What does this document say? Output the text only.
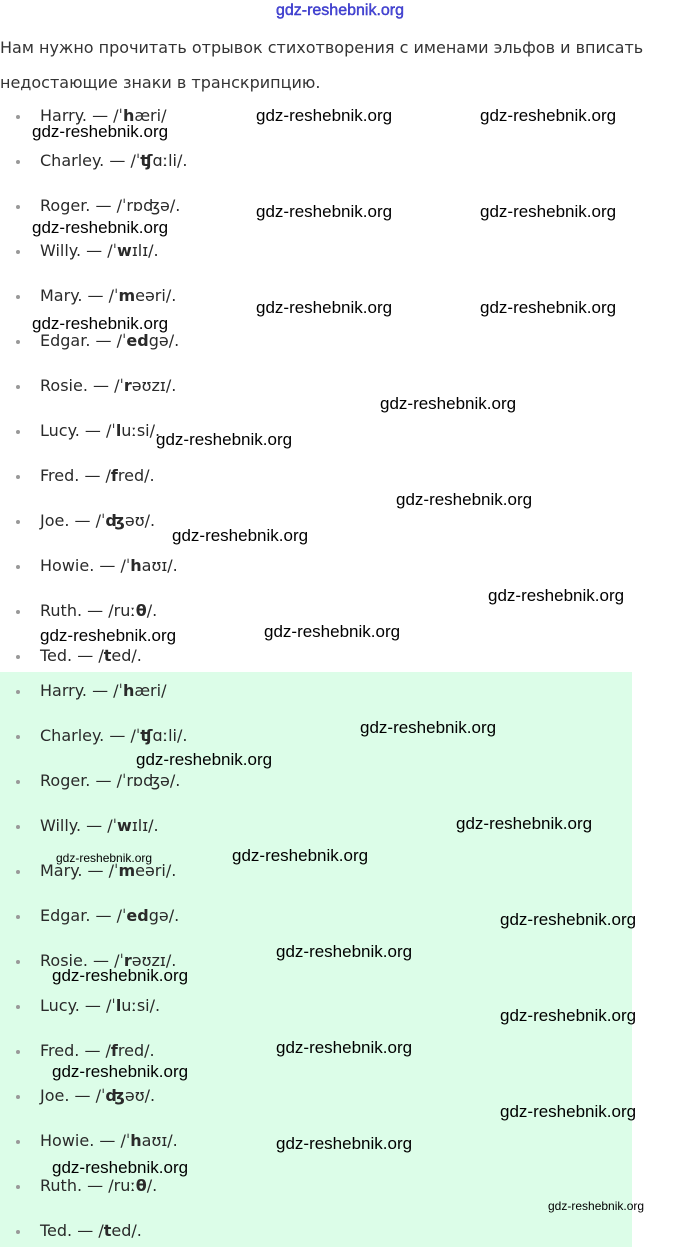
gdz-reshebnik.org
Нам нужно прочитать отрывок стихотворения с именами эльфов и вписать недостающие знаки в транскрипцию.
Harry. — /ˈhæri/
Charley. — /ˈʧɑːli/.
Roger. — /ˈrɒʤə/.
Willy. — /ˈwɪlɪ/.
Mary. — /ˈmeəri/.
Edgar. — /ˈedgə/.
Rosie. — /ˈrəʊzɪ/.
Lucy. — /ˈluːsi/.
Fred. — /fred/.
Joe. — /ˈʤəʊ/.
Howie. — /ˈhaʊɪ/.
Ruth. — /ruːθ/.
Ted. — /ted/.
Harry. — /ˈhæri/
Charley. — /ˈʧɑːli/.
Roger. — /ˈrɒʤə/.
Willy. — /ˈwɪlɪ/.
Mary. — /ˈmeəri/.
Edgar. — /ˈedgə/.
Rosie. — /ˈrəʊzɪ/.
Lucy. — /ˈluːsi/.
Fred. — /fred/.
Joe. — /ˈʤəʊ/.
Howie. — /ˈhaʊɪ/.
Ruth. — /ruːθ/.
Ted. — /ted/.
gdz-reshebnik.org	gdz-reshebnik.org
gdz-reshebnik.org
gdz-reshebnik.org	gdz-reshebnik.org
gdz-reshebnik.org
gdz-reshebnik.org	gdz-reshebnik.org
gdz-reshebnik.org
gdz-reshebnik.org
gdz-reshebnik.org
gdz-reshebnik.org
gdz-reshebnik.org
gdz-reshebnik.org
gdz-reshebnik.org	gdz-reshebnik.org
gdz-reshebnik.org
gdz-reshebnik.org
gdz-reshebnik.org
gdz-reshebnik.org
gdz-reshebnik.org
gdz-reshebnik.org
gdz-reshebnik.org
gdz-reshebnik.org
gdz-reshebnik.org
gdz-reshebnik.org
gdz-reshebnik.org
gdz-reshebnik.org
gdz-reshebnik.org
gdz-reshebnik.org
gdz-reshebnik.org
